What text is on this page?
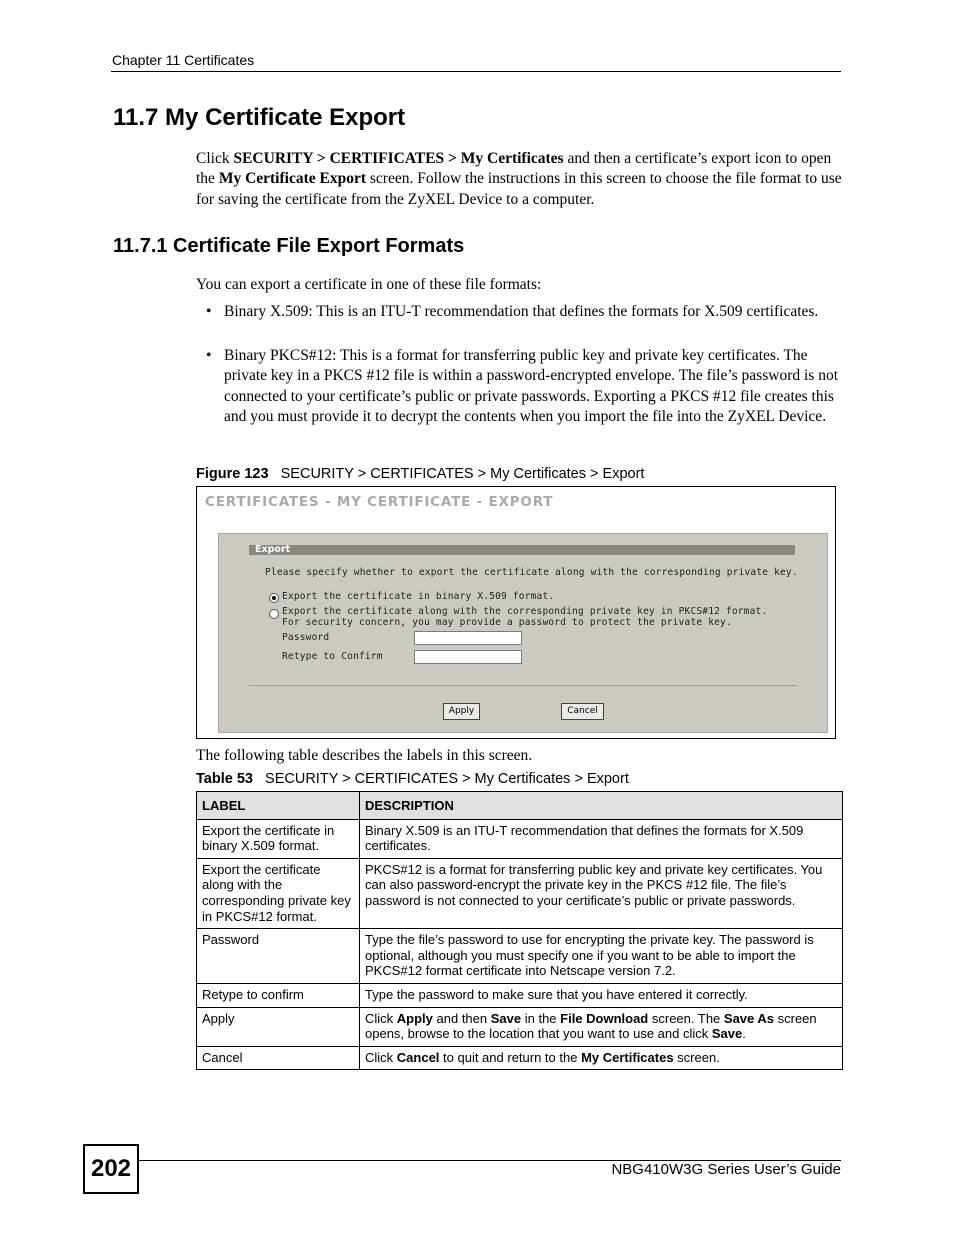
Chapter 11 Certificates
11.7 My Certificate Export

Click SECURITY > CERTIFICATES > My Certificates and then a certificate’s export icon to open the My Certificate Export screen. Follow the instructions in this screen to choose the file format to use for saving the certificate from the ZyXEL Device to a computer.

11.7.1 Certificate File Export Formats

You can export a certificate in one of these file formats:

• Binary X.509: This is an ITU-T recommendation that defines the formats for X.509 certificates.
• Binary PKCS#12: This is a format for transferring public key and private key certificates. The private key in a PKCS #12 file is within a password-encrypted envelope. The file’s password is not connected to your certificate’s public or private passwords. Exporting a PKCS #12 file creates this and you must provide it to decrypt the contents when you import the file into the ZyXEL Device.
Figure 123 SECURITY > CERTIFICATES > My Certificates > Export
CERTIFICATES - MY CERTIFICATE - EXPORT
Export
Please specify whether to export the certificate along with the corresponding private key.
Export the certificate in binary X.509 format.
Export the certificate along with the corresponding private key in PKCS#12 format.
For security concern, you may provide a password to protect the private key.
Password
Retype to Confirm
Apply	Cancel
The following table describes the labels in this screen.
Table 53 SECURITY > CERTIFICATES > My Certificates > Export
LABEL	DESCRIPTION
Export the certificate in binary X.509 format.	Binary X.509 is an ITU-T recommendation that defines the formats for X.509 certificates.
Export the certificate along with the corresponding private key in PKCS#12 format.	PKCS#12 is a format for transferring public key and private key certificates. You can also password-encrypt the private key in the PKCS #12 file. The file’s password is not connected to your certificate’s public or private passwords.
Password	Type the file’s password to use for encrypting the private key. The password is optional, although you must specify one if you want to be able to import the PKCS#12 format certificate into Netscape version 7.2.
Retype to confirm	Type the password to make sure that you have entered it correctly.
Apply	Click Apply and then Save in the File Download screen. The Save As screen opens, browse to the location that you want to use and click Save.
Cancel	Click Cancel to quit and return to the My Certificates screen.
202	NBG410W3G Series User’s Guide
